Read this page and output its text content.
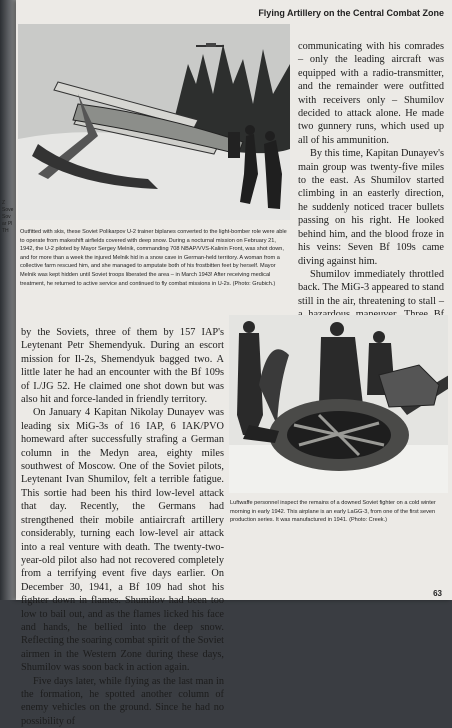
Z Sove Sov ar Pl TH
Flying Artillery on the Central Combat Zone
Outfitted with skis, these Soviet Polikarpov U-2 trainer biplanes converted to the light-bomber role were able to operate from makeshift airfields covered with deep snow. During a nocturnal mission on February 21, 1942, the U-2 piloted by Mayor Sergey Melnik, commanding 708 NBAP/VVS-Kalinin Front, was shot down, and for more than a week the injured Melnik hid in a snow cave in German-held territory. A woman from a collective farm rescued him, and she managed to amputate both of his frostbitten feet by herself. Mayor Melnik was kept hidden until Soviet troops liberated the area – in March 1943! After receiving medical treatment, he returned to active service and continued to fly combat missions in U-2s. (Photo: Grubich.)

communicating with his comrades – only the leading aircraft was equipped with a radio-transmitter, and the remainder were outfitted with receivers only – Shumilov decided to attack alone. He made two gunnery runs, which used up all of his ammunition.

By this time, Kapitan Dunayev's main group was twenty-five miles to the east. As Shumilov started climbing in an easterly direction, he suddenly noticed tracer bullets passing on his right. He looked behind him, and the blood froze in his veins: Seven Bf 109s came diving against him.

Shumilov immediately throttled back. The MiG-3 appeared to stand still in the air, threatening to stall –

by the Soviets, three of them by 157 IAP's Leytenant Petr Shemendyuk. During an escort mission for Il-2s, Shemendyuk bagged two. A little later he had an encounter with the Bf 109s of I./JG 52. He claimed one shot down but was also hit and force-landed in friendly territory.

On January 4 Kapitan Nikolay Dunayev was leading six MiG-3s of 16 IAP, 6 IAK/PVO homeward after successfully strafing a German column in the Medyn area, eighty miles southwest of Moscow. One of the Soviet pilots, Leytenant Ivan Shumilov, felt a terrible fatigue. This sortie had been his third low-level attack that day. Recently, the Germans had strengthened their mobile antiaircraft artillery considerably, turning each low-level air attack into a real venture with death. The twenty-two-year-old pilot also had not recovered completely from a terrifying event five days earlier. On December 30, 1941, a Bf 109 had shot his fighter down in flames. Shumilov had been too low to bail out, and as the flames licked his face and hands, he bellied into the deep snow. Reflecting the soaring combat spirit of the Soviet airmen in the Western Zone during these days, Shumilov was soon back in action again.

Five days later, while flying as the last man in the formation, he spotted another column of enemy vehicles on the ground. Since he had no possibility of

Luftwaffe personnel inspect the remains of a downed Soviet fighter on a cold winter morning in early 1942. This airplane is an early LaGG-3, from one of the first seven production series. It was manufactured in 1941. (Photo: Creek.)
63
